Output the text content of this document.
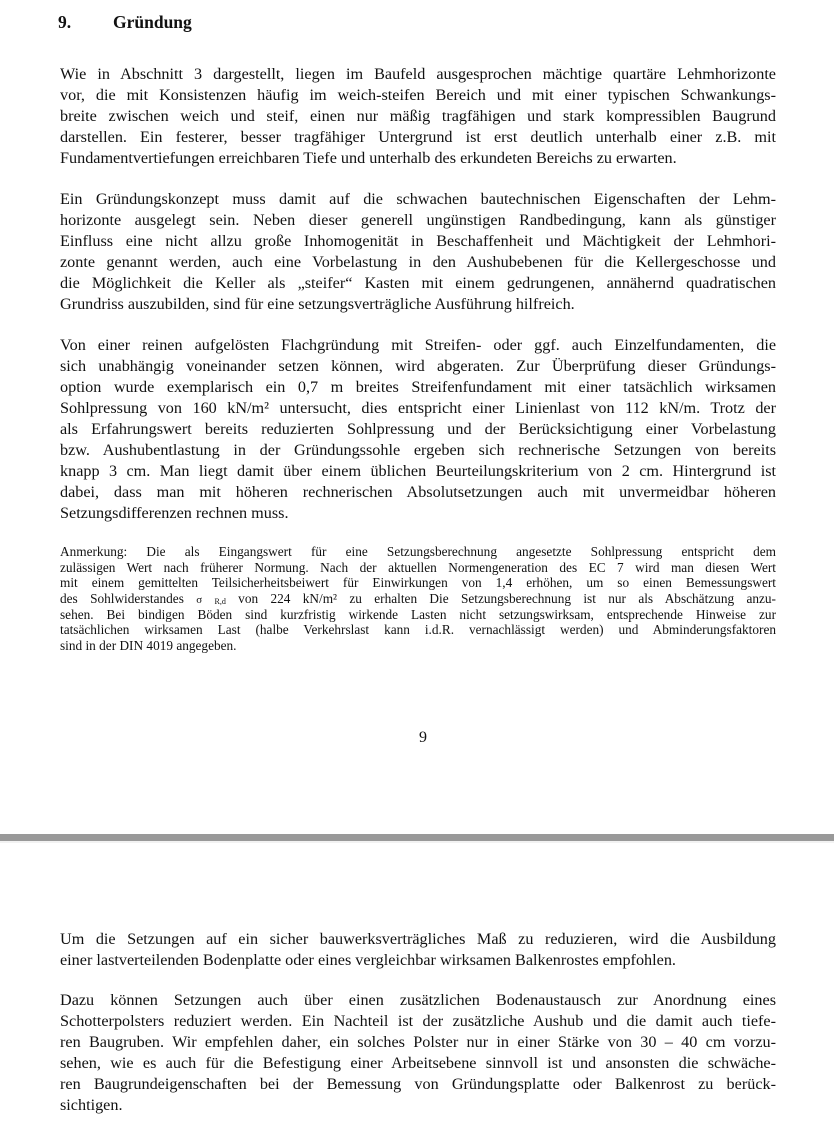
9. Gründung
Wie in Abschnitt 3 dargestellt, liegen im Baufeld ausgesprochen mächtige quartäre Lehmhorizonte
vor, die mit Konsistenzen häufig im weich-steifen Bereich und mit einer typischen Schwankungs-
breite zwischen weich und steif, einen nur mäßig tragfähigen und stark kompressiblen Baugrund
darstellen. Ein festerer, besser tragfähiger Untergrund ist erst deutlich unterhalb einer z.B. mit
Fundamentvertiefungen erreichbaren Tiefe und unterhalb des erkundeten Bereichs zu erwarten.
Ein Gründungskonzept muss damit auf die schwachen bautechnischen Eigenschaften der Lehm-
horizonte ausgelegt sein. Neben dieser generell ungünstigen Randbedingung, kann als günstiger
Einfluss eine nicht allzu große Inhomogenität in Beschaffenheit und Mächtigkeit der Lehmhori-
zonte genannt werden, auch eine Vorbelastung in den Aushubebenen für die Kellergeschosse und
die Möglichkeit die Keller als „steifer“ Kasten mit einem gedrungenen, annähernd quadratischen
Grundriss auszubilden, sind für eine setzungsverträgliche Ausführung hilfreich.
Von einer reinen aufgelösten Flachgründung mit Streifen- oder ggf. auch Einzelfundamenten, die
sich unabhängig voneinander setzen können, wird abgeraten. Zur Überprüfung dieser Gründungs-
option wurde exemplarisch ein 0,7 m breites Streifenfundament mit einer tatsächlich wirksamen
Sohlpressung von 160 kN/m² untersucht, dies entspricht einer Linienlast von 112 kN/m. Trotz der
als Erfahrungswert bereits reduzierten Sohlpressung und der Berücksichtigung einer Vorbelastung
bzw. Aushubentlastung in der Gründungssohle ergeben sich rechnerische Setzungen von bereits
knapp 3 cm. Man liegt damit über einem üblichen Beurteilungskriterium von 2 cm. Hintergrund ist
dabei, dass man mit höheren rechnerischen Absolutsetzungen auch mit unvermeidbar höheren
Setzungsdifferenzen rechnen muss.
Anmerkung: Die als Eingangswert für eine Setzungsberechnung angesetzte Sohlpressung entspricht dem
zulässigen Wert nach früherer Normung. Nach der aktuellen Normengeneration des EC 7 wird man diesen Wert
mit einem gemittelten Teilsicherheitsbeiwert für Einwirkungen von 1,4 erhöhen, um so einen Bemessungswert
des Sohlwiderstandes σ R,d von 224 kN/m² zu erhalten Die Setzungsberechnung ist nur als Abschätzung anzu-
sehen. Bei bindigen Böden sind kurzfristig wirkende Lasten nicht setzungswirksam, entsprechende Hinweise zur
tatsächlichen wirksamen Last (halbe Verkehrslast kann i.d.R. vernachlässigt werden) und Abminderungsfaktoren
sind in der DIN 4019 angegeben.
9
Um die Setzungen auf ein sicher bauwerksverträgliches Maß zu reduzieren, wird die Ausbildung
einer lastverteilenden Bodenplatte oder eines vergleichbar wirksamen Balkenrostes empfohlen.
Dazu können Setzungen auch über einen zusätzlichen Bodenaustausch zur Anordnung eines
Schotterpolsters reduziert werden. Ein Nachteil ist der zusätzliche Aushub und die damit auch tiefe-
ren Baugruben. Wir empfehlen daher, ein solches Polster nur in einer Stärke von 30 – 40 cm vorzu-
sehen, wie es auch für die Befestigung einer Arbeitsebene sinnvoll ist und ansonsten die schwäche-
ren Baugrundeigenschaften bei der Bemessung von Gründungsplatte oder Balkenrost zu berück-
sichtigen.
